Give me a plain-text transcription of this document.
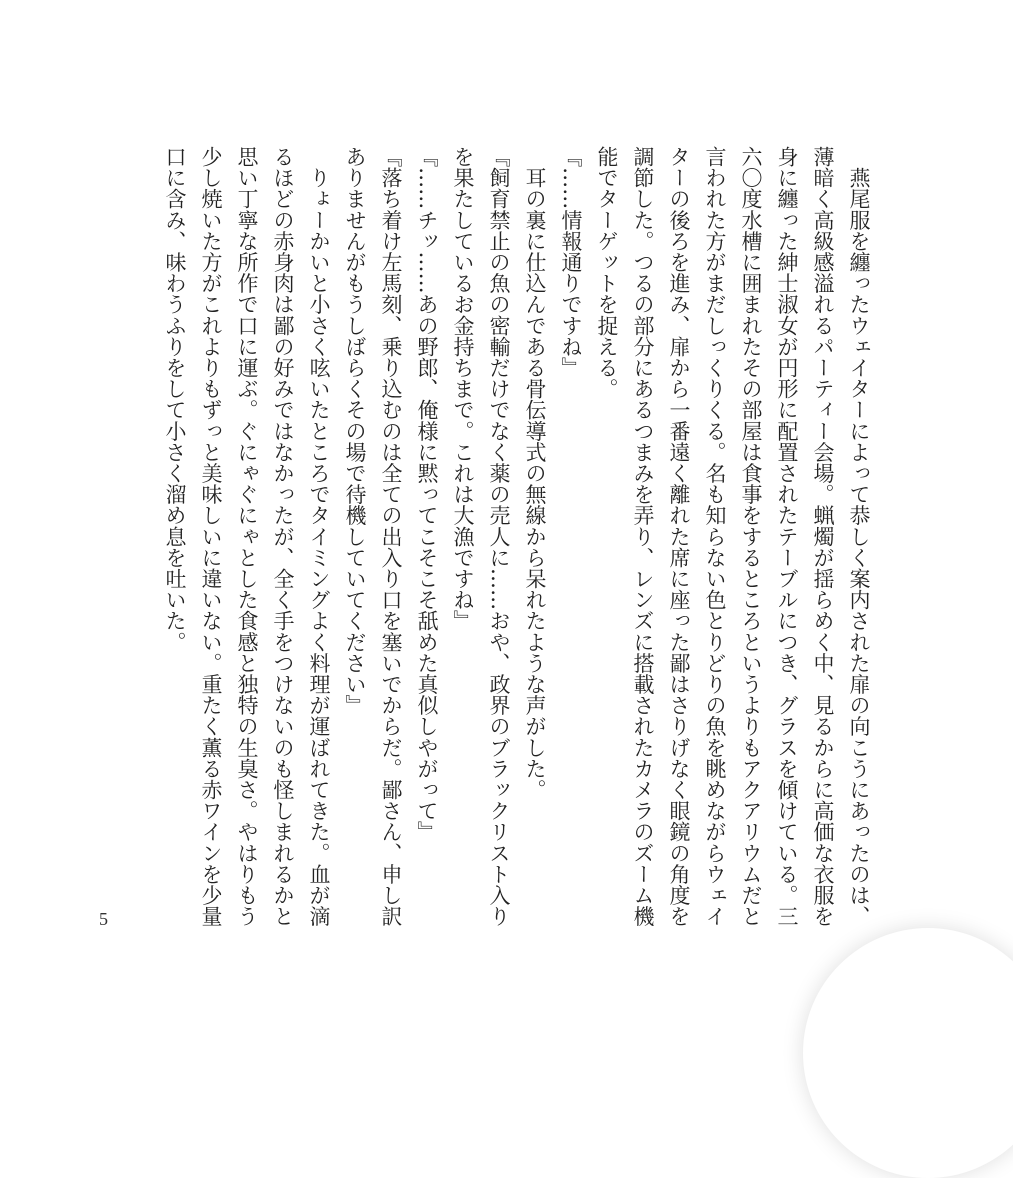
　燕尾服を纏ったウェイターによって恭しく案内された扉の向こうにあったのは、
薄暗く高級感溢れるパーティー会場。蝋燭が揺らめく中、見るからに高価な衣服を
身に纏った紳士淑女が円形に配置されたテーブルにつき、グラスを傾けている。三
六〇度水槽に囲まれたその部屋は食事をするところというよりもアクアリウムだと
言われた方がまだしっくりくる。名も知らない色とりどりの魚を眺めながらウェイ
ターの後ろを進み、扉から一番遠く離れた席に座った鄙はさりげなく眼鏡の角度を
調節した。つるの部分にあるつまみを弄り、レンズに搭載されたカメラのズーム機
能でターゲットを捉える。
『……情報通りですね』
　耳の裏に仕込んである骨伝導式の無線から呆れたような声がした。
『飼育禁止の魚の密輸だけでなく薬の売人に……おや、政界のブラックリスト入り
を果たしているお金持ちまで。これは大漁ですね』
『……チッ……あの野郎、俺様に黙ってこそこそ舐めた真似しやがって』
『落ち着け左馬刻、乗り込むのは全ての出入り口を塞いでからだ。鄙さん、申し訳
ありませんがもうしばらくその場で待機していてください』
　りょーかいと小さく呟いたところでタイミングよく料理が運ばれてきた。血が滴
るほどの赤身肉は鄙の好みではなかったが、全く手をつけないのも怪しまれるかと
思い丁寧な所作で口に運ぶ。ぐにゃぐにゃとした食感と独特の生臭さ。やはりもう
少し焼いた方がこれよりもずっと美味しいに違いない。重たく薫る赤ワインを少量
口に含み、味わうふりをして小さく溜め息を吐いた。
5
